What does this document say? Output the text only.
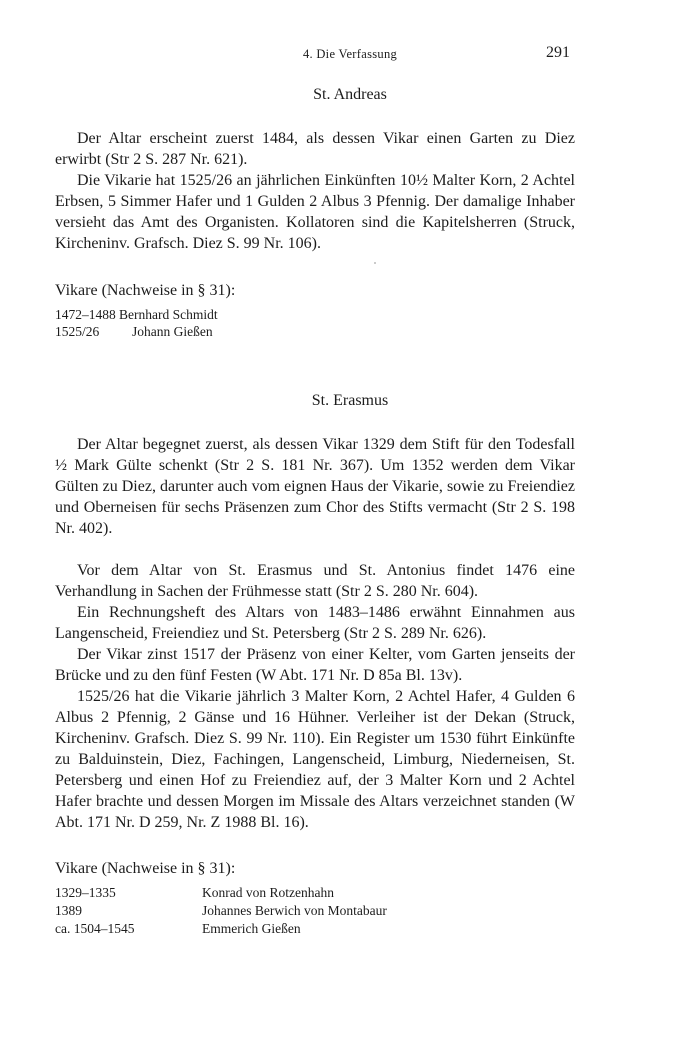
4. Die Verfassung	291
St. Andreas
Der Altar erscheint zuerst 1484, als dessen Vikar einen Garten zu Diez erwirbt (Str 2 S. 287 Nr. 621).
Die Vikarie hat 1525/26 an jährlichen Einkünften 10½ Malter Korn, 2 Achtel Erbsen, 5 Simmer Hafer und 1 Gulden 2 Albus 3 Pfennig. Der damalige Inhaber versieht das Amt des Organisten. Kollatoren sind die Kapitelsherren (Struck, Kircheninv. Grafsch. Diez S. 99 Nr. 106).
Vikare (Nachweise in § 31):
1472–1488 Bernhard Schmidt
1525/26 Johann Gießen
St. Erasmus
Der Altar begegnet zuerst, als dessen Vikar 1329 dem Stift für den Todesfall ½ Mark Gülte schenkt (Str 2 S. 181 Nr. 367). Um 1352 werden dem Vikar Gülten zu Diez, darunter auch vom eignen Haus der Vikarie, sowie zu Freiendiez und Oberneisen für sechs Präsenzen zum Chor des Stifts vermacht (Str 2 S. 198 Nr. 402).
Vor dem Altar von St. Erasmus und St. Antonius findet 1476 eine Verhandlung in Sachen der Frühmesse statt (Str 2 S. 280 Nr. 604).
Ein Rechnungsheft des Altars von 1483–1486 erwähnt Einnahmen aus Langenscheid, Freiendiez und St. Petersberg (Str 2 S. 289 Nr. 626).
Der Vikar zinst 1517 der Präsenz von einer Kelter, vom Garten jenseits der Brücke und zu den fünf Festen (W Abt. 171 Nr. D 85a Bl. 13v).
1525/26 hat die Vikarie jährlich 3 Malter Korn, 2 Achtel Hafer, 4 Gulden 6 Albus 2 Pfennig, 2 Gänse und 16 Hühner. Verleiher ist der Dekan (Struck, Kircheninv. Grafsch. Diez S. 99 Nr. 110). Ein Register um 1530 führt Einkünfte zu Balduinstein, Diez, Fachingen, Langenscheid, Limburg, Niederneisen, St. Petersberg und einen Hof zu Freiendiez auf, der 3 Malter Korn und 2 Achtel Hafer brachte und dessen Morgen im Missale des Altars verzeichnet standen (W Abt. 171 Nr. D 259, Nr. Z 1988 Bl. 16).
Vikare (Nachweise in § 31):
1329–1335	Konrad von Rotzenhahn
1389	Johannes Berwich von Montabaur
ca. 1504–1545	Emmerich Gießen
